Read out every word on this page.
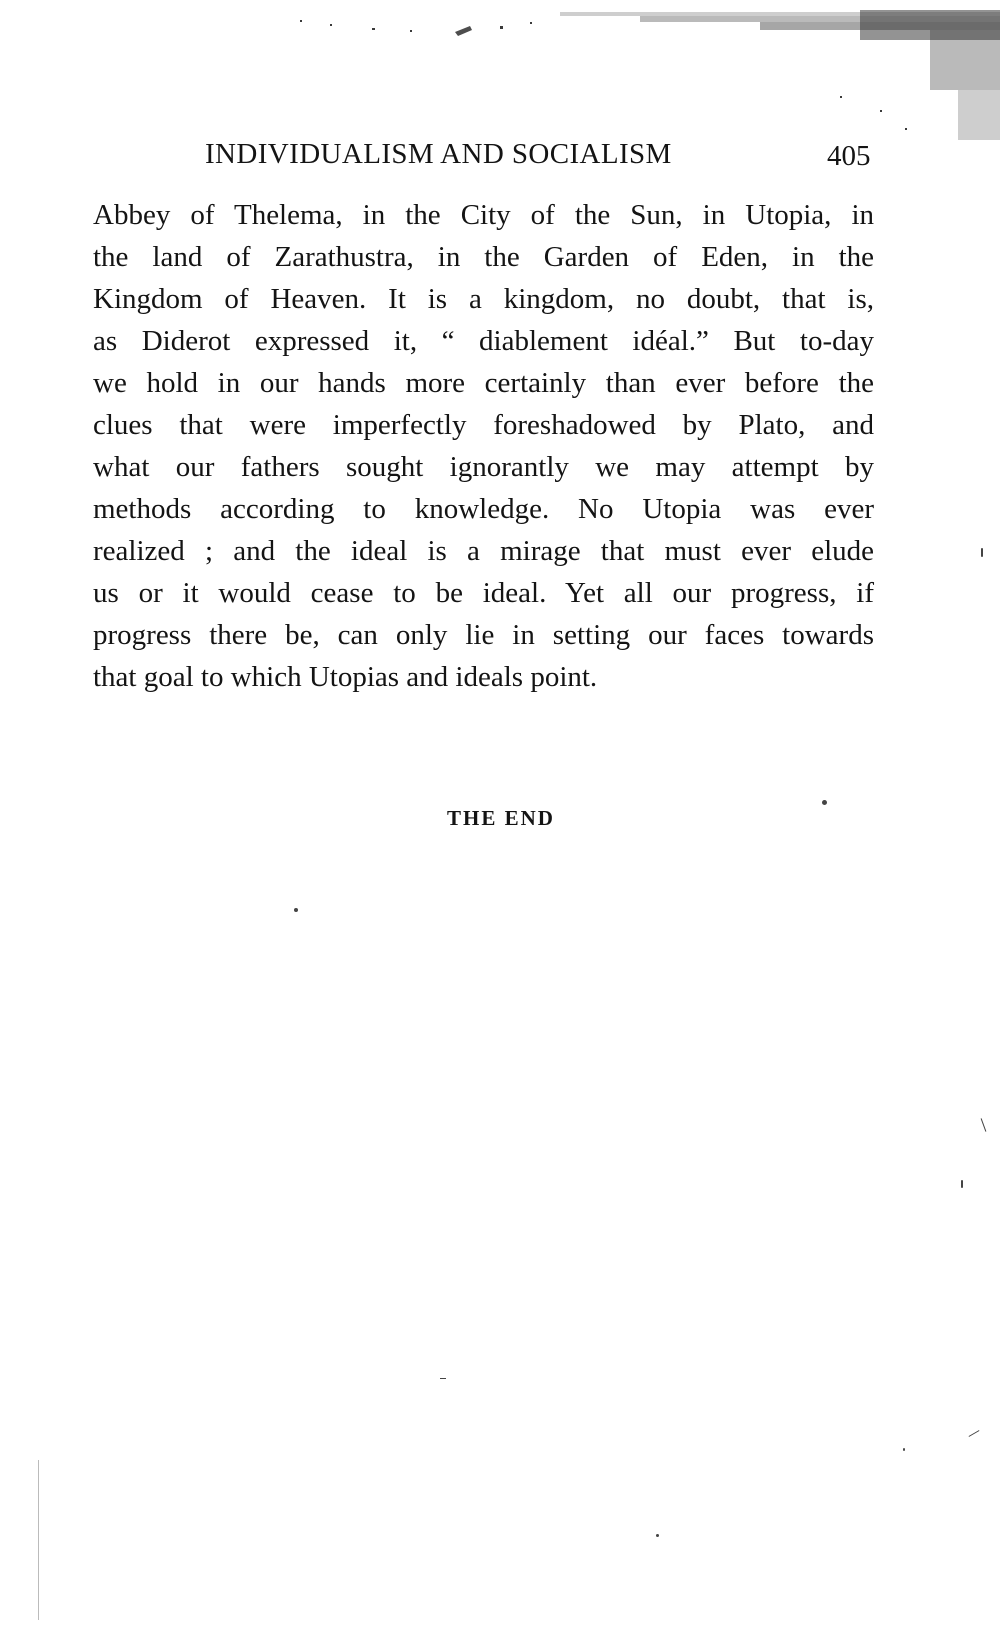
INDIVIDUALISM AND SOCIALISM	405
Abbey of Thelema, in the City of the Sun, in Utopia, in
the land of Zarathustra, in the Garden of Eden, in the
Kingdom of Heaven. It is a kingdom, no doubt, that is,
as Diderot expressed it, “ diablement idéal.” But to-day
we hold in our hands more certainly than ever before the
clues that were imperfectly foreshadowed by Plato, and
what our fathers sought ignorantly we may attempt by
methods according to knowledge. No Utopia was ever
realized ; and the ideal is a mirage that must ever elude
us or it would cease to be ideal. Yet all our progress, if
progress there be, can only lie in setting our faces towards
that goal to which Utopias and ideals point.
THE END
